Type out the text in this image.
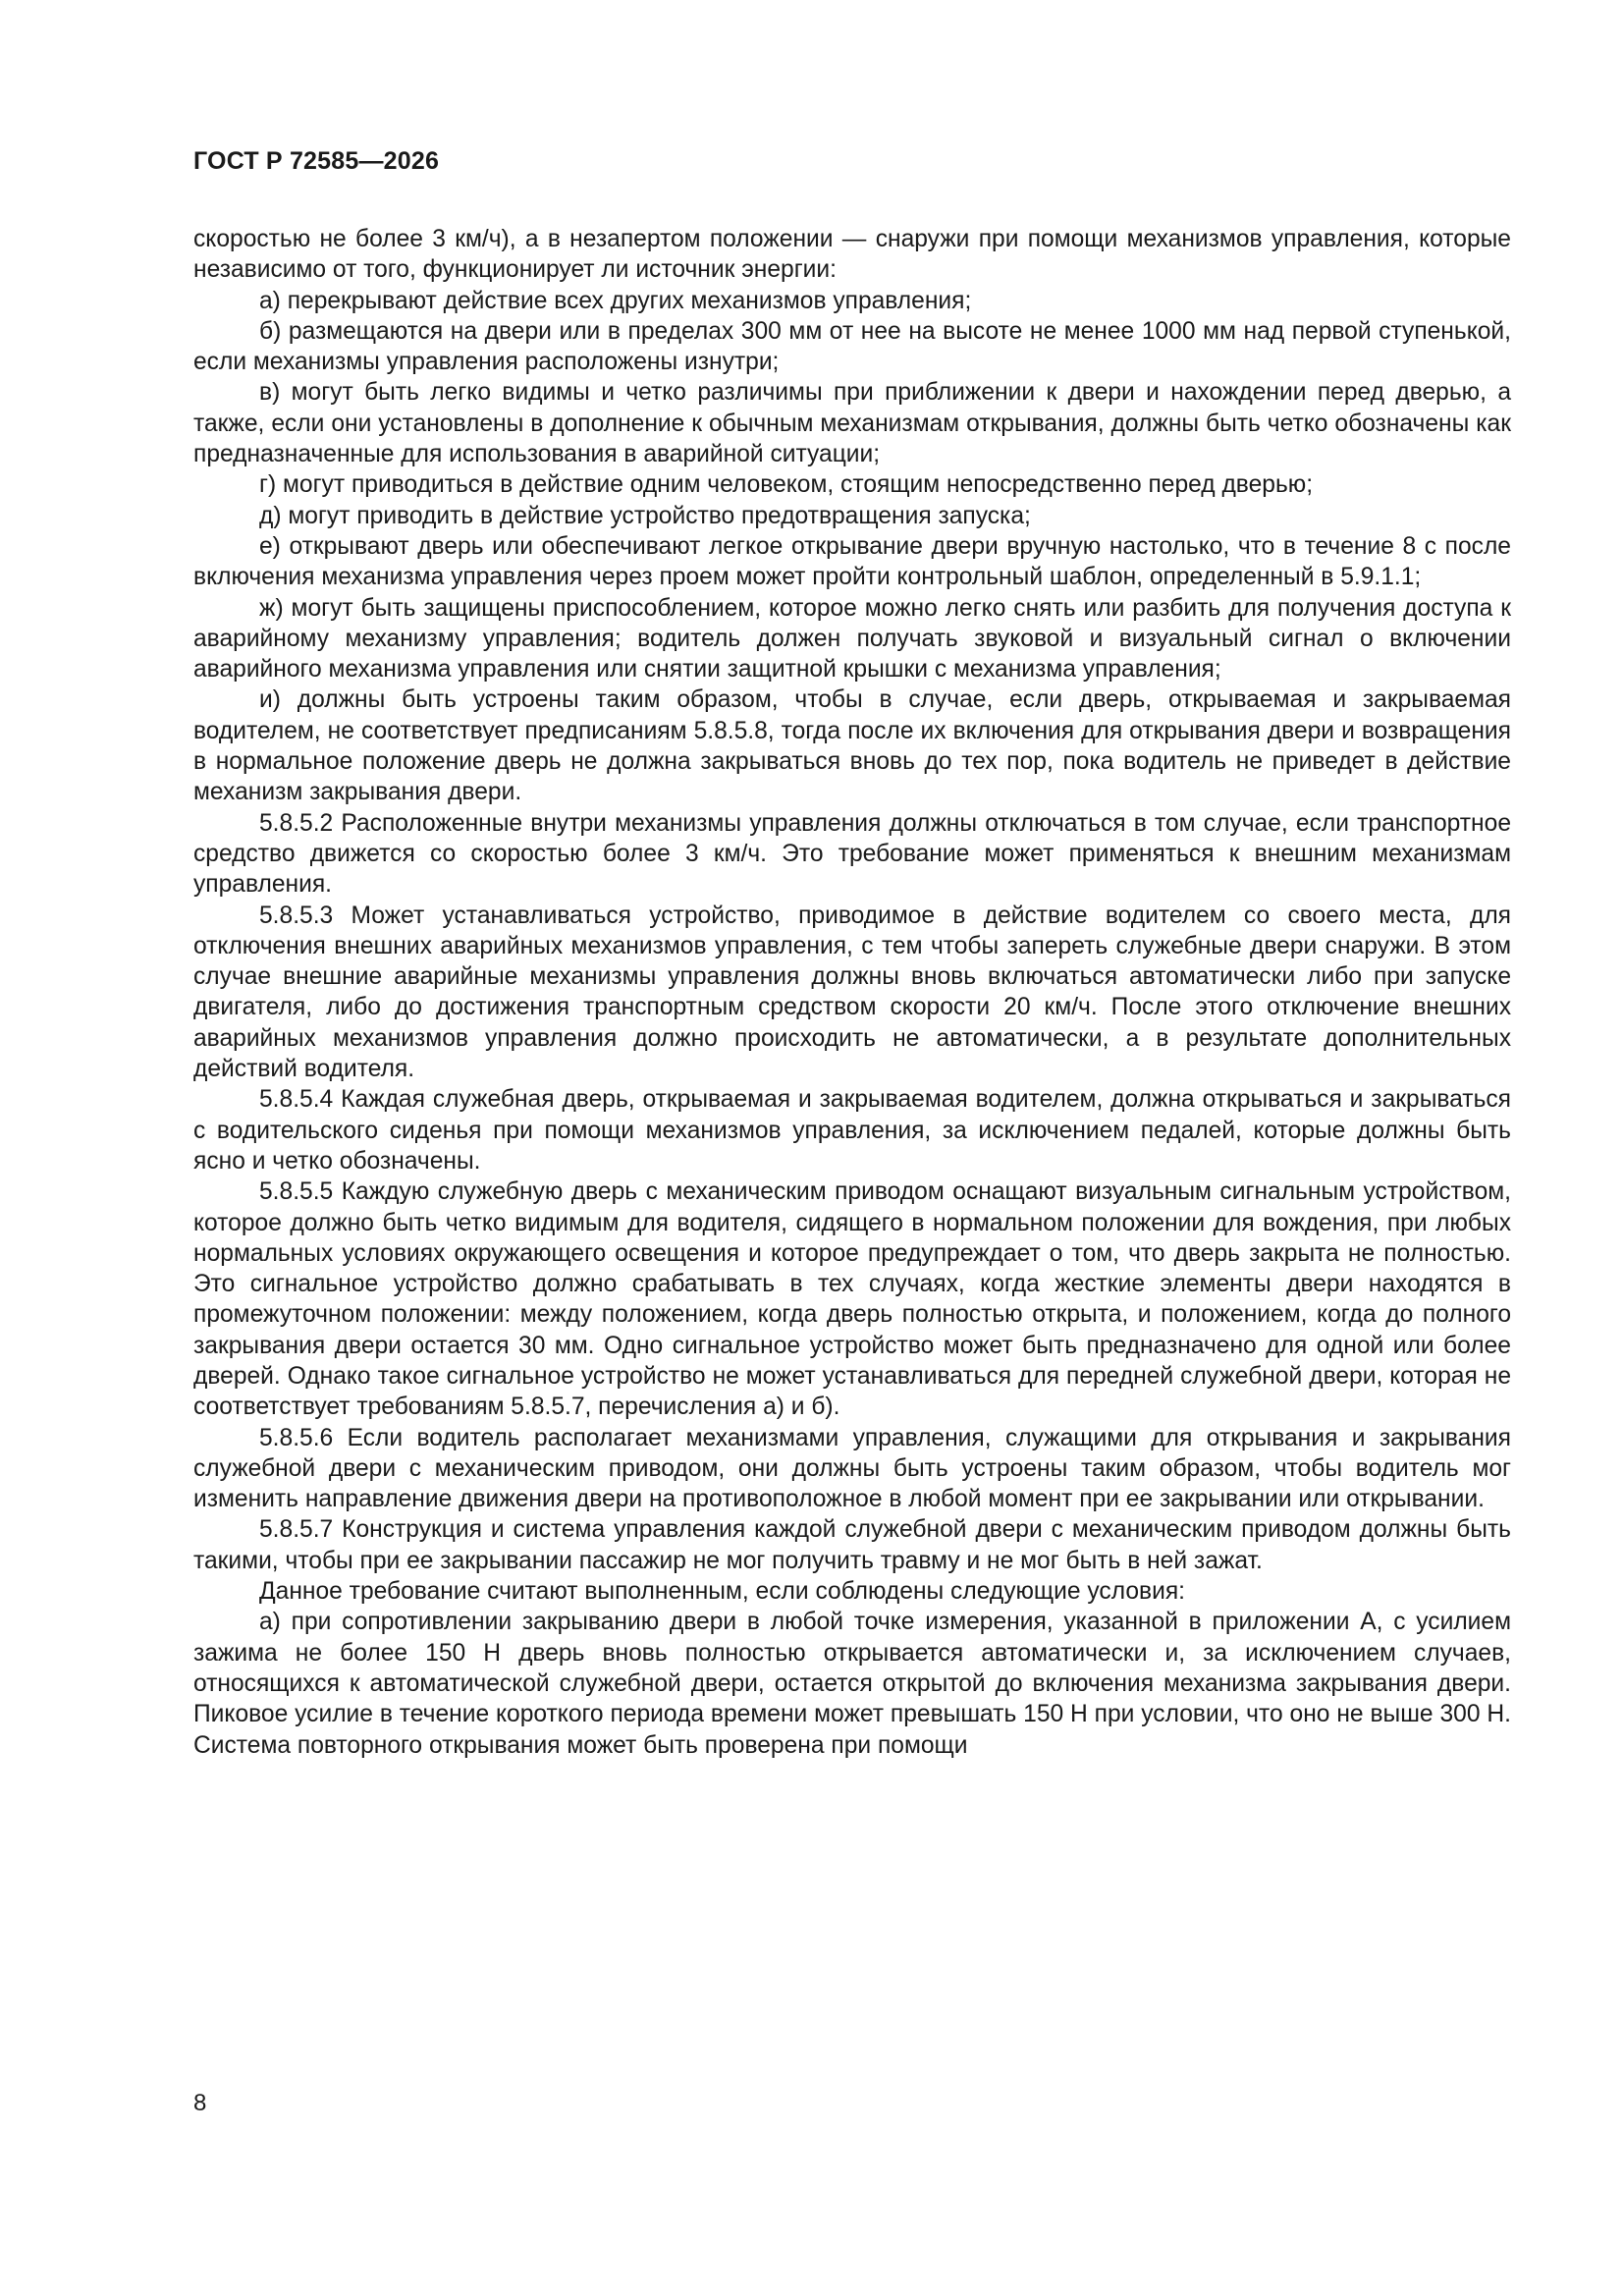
ГОСТ Р 72585—2026

скоростью не более 3 км/ч), а в незапертом положении — снаружи при помощи механизмов управления, которые независимо от того, функционирует ли источник энергии:

а) перекрывают действие всех других механизмов управления;

б) размещаются на двери или в пределах 300 мм от нее на высоте не менее 1000 мм над первой ступенькой, если механизмы управления расположены изнутри;

в) могут быть легко видимы и четко различимы при приближении к двери и нахождении перед дверью, а также, если они установлены в дополнение к обычным механизмам открывания, должны быть четко обозначены как предназначенные для использования в аварийной ситуации;

г) могут приводиться в действие одним человеком, стоящим непосредственно перед дверью;

д) могут приводить в действие устройство предотвращения запуска;

е) открывают дверь или обеспечивают легкое открывание двери вручную настолько, что в течение 8 с после включения механизма управления через проем может пройти контрольный шаблон, определенный в 5.9.1.1;

ж) могут быть защищены приспособлением, которое можно легко снять или разбить для получения доступа к аварийному механизму управления; водитель должен получать звуковой и визуальный сигнал о включении аварийного механизма управления или снятии защитной крышки с механизма управления;

и) должны быть устроены таким образом, чтобы в случае, если дверь, открываемая и закрываемая водителем, не соответствует предписаниям 5.8.5.8, тогда после их включения для открывания двери и возвращения в нормальное положение дверь не должна закрываться вновь до тех пор, пока водитель не приведет в действие механизм закрывания двери.

5.8.5.2 Расположенные внутри механизмы управления должны отключаться в том случае, если транспортное средство движется со скоростью более 3 км/ч. Это требование может применяться к внешним механизмам управления.

5.8.5.3 Может устанавливаться устройство, приводимое в действие водителем со своего места, для отключения внешних аварийных механизмов управления, с тем чтобы запереть служебные двери снаружи. В этом случае внешние аварийные механизмы управления должны вновь включаться автоматически либо при запуске двигателя, либо до достижения транспортным средством скорости 20 км/ч. После этого отключение внешних аварийных механизмов управления должно происходить не автоматически, а в результате дополнительных действий водителя.

5.8.5.4 Каждая служебная дверь, открываемая и закрываемая водителем, должна открываться и закрываться с водительского сиденья при помощи механизмов управления, за исключением педалей, которые должны быть ясно и четко обозначены.

5.8.5.5 Каждую служебную дверь с механическим приводом оснащают визуальным сигнальным устройством, которое должно быть четко видимым для водителя, сидящего в нормальном положении для вождения, при любых нормальных условиях окружающего освещения и которое предупреждает о том, что дверь закрыта не полностью. Это сигнальное устройство должно срабатывать в тех случаях, когда жесткие элементы двери находятся в промежуточном положении: между положением, когда дверь полностью открыта, и положением, когда до полного закрывания двери остается 30 мм. Одно сигнальное устройство может быть предназначено для одной или более дверей. Однако такое сигнальное устройство не может устанавливаться для передней служебной двери, которая не соответствует требованиям 5.8.5.7, перечисления а) и б).

5.8.5.6 Если водитель располагает механизмами управления, служащими для открывания и закрывания служебной двери с механическим приводом, они должны быть устроены таким образом, чтобы водитель мог изменить направление движения двери на противоположное в любой момент при ее закрывании или открывании.

5.8.5.7 Конструкция и система управления каждой служебной двери с механическим приводом должны быть такими, чтобы при ее закрывании пассажир не мог получить травму и не мог быть в ней зажат.

Данное требование считают выполненным, если соблюдены следующие условия:

а) при сопротивлении закрыванию двери в любой точке измерения, указанной в приложении А, с усилием зажима не более 150 Н дверь вновь полностью открывается автоматически и, за исключением случаев, относящихся к автоматической служебной двери, остается открытой до включения механизма закрывания двери. Пиковое усилие в течение короткого периода времени может превышать 150 Н при условии, что оно не выше 300 Н. Система повторного открывания может быть проверена при помощи

8
